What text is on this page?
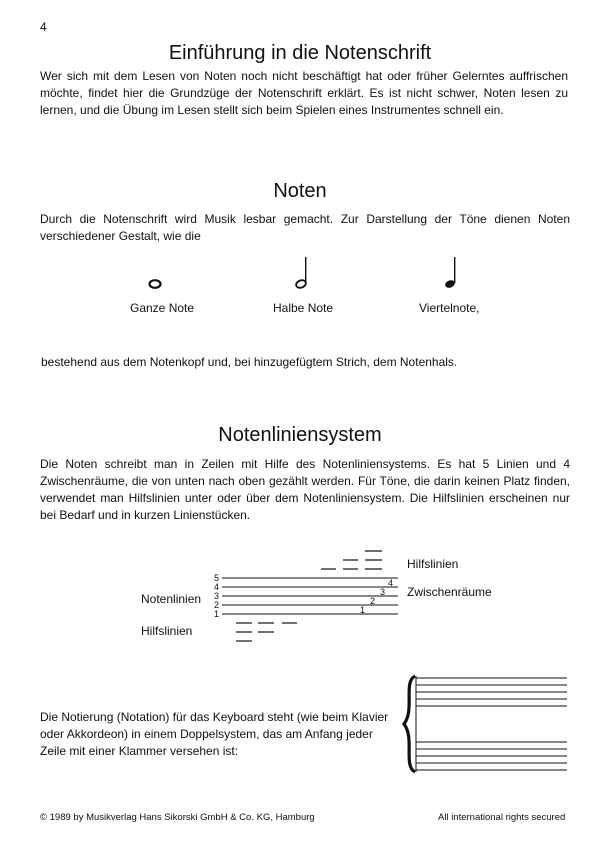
4
Einführung in die Notenschrift
Wer sich mit dem Lesen von Noten noch nicht beschäftigt hat oder früher Gelerntes auffrischen möchte, findet hier die Grundzüge der Notenschrift erklärt. Es ist nicht schwer, Noten lesen zu lernen, und die Übung im Lesen stellt sich beim Spielen eines Instrumentes schnell ein.
Noten
Durch die Notenschrift wird Musik lesbar gemacht. Zur Darstellung der Töne dienen Noten verschiedener Gestalt, wie die
Ganze Note	Halbe Note	Viertelnote,
bestehend aus dem Notenkopf und, bei hinzugefügtem Strich, dem Notenhals.
Notenliniensystem
Die Noten schreibt man in Zeilen mit Hilfe des Notenliniensystems. Es hat 5 Linien und 4 Zwischenräume, die von unten nach oben gezählt werden. Für Töne, die darin keinen Platz finden, verwendet man Hilfslinien unter oder über dem Notenliniensystem. Die Hilfslinien erscheinen nur bei Bedarf und in kurzen Linienstücken.
5
4
3
2
1
4
3
2
1
Hilfslinien
Zwischenräume
Notenlinien
Hilfslinien
Die Notierung (Notation) für das Keyboard steht (wie beim Klavier oder Akkordeon) in einem Doppelsystem, das am Anfang jeder Zeile mit einer Klammer versehen ist:
© 1989 by Musikverlag Hans Sikorski GmbH & Co. KG, Hamburg	All international rights secured
